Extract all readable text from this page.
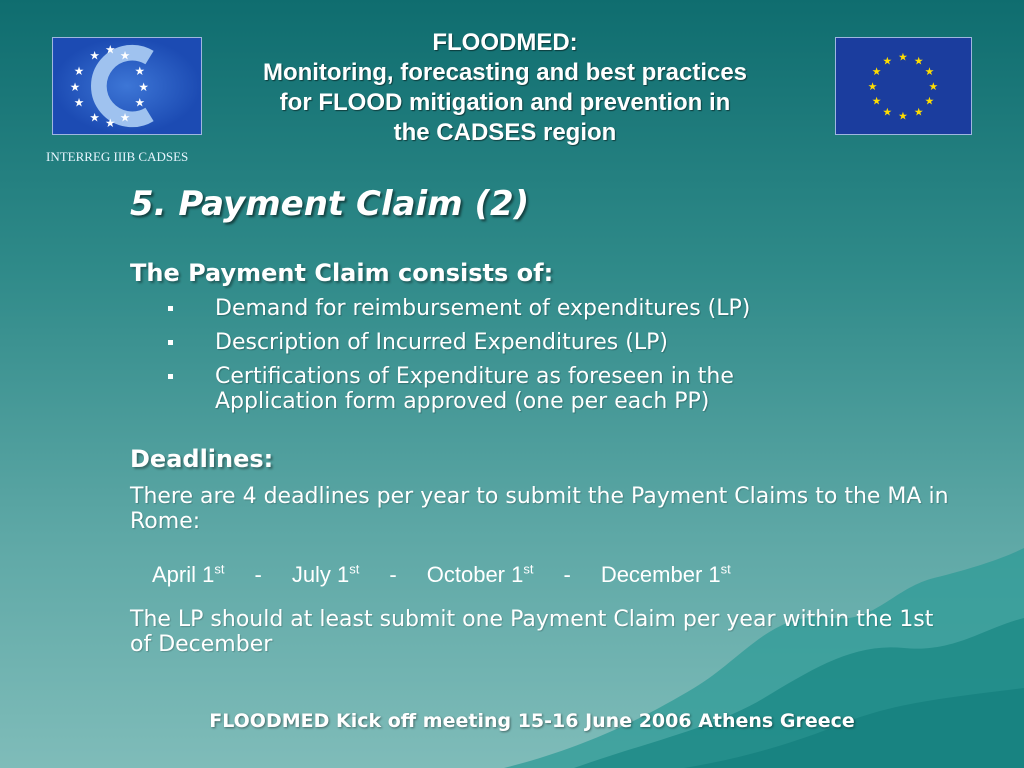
★ ★ ★
★
★
★
★ ★ ★
★
★
★
INTERREG IIIB CADSES
FLOODMED:
Monitoring, forecasting and best practices
for FLOOD mitigation and prevention in
the CADSES region
★ ★
★
★
★
★
★
★
★
★
★
★
5. Payment Claim (2)
The Payment Claim consists of:
Demand for reimbursement of expenditures (LP)
Description of Incurred Expenditures (LP)
Certifications of Expenditure as foreseen in the Application form approved (one per each PP)
Deadlines:
There are 4 deadlines per year to submit the Payment Claims to the MA in Rome:
April 1st - July 1st - October 1st - December 1st
The LP should at least submit one Payment Claim per year within the 1st of December
FLOODMED Kick off meeting 15-16 June 2006 Athens Greece
